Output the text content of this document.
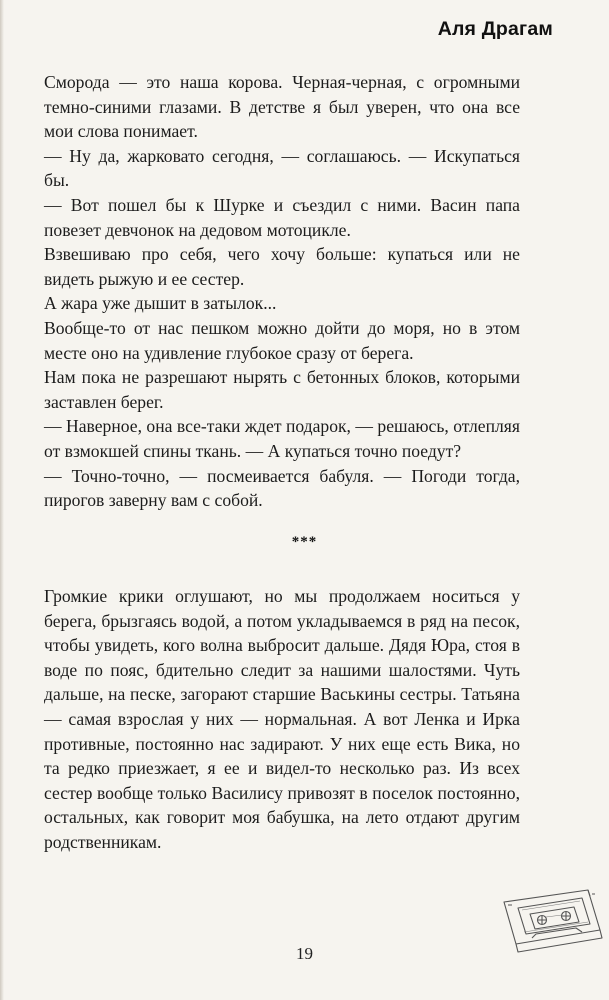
Аля Драгам

Смородa — это наша корова. Черная-черная, с огромными темно-синими глазами. В детстве я был уверен, что она все мои слова понимает.

— Ну да, жарковато сегодня, — соглашаюсь. — Искупаться бы.

— Вот пошел бы к Шурке и съездил с ними. Васин папа повезет девчонок на дедовом мотоцикле.

Взвешиваю про себя, чего хочу больше: купаться или не видеть рыжую и ее сестер.

А жара уже дышит в затылок...

Вообще-то от нас пешком можно дойти до моря, но в этом месте оно на удивление глубокое сразу от берега.

Нам пока не разрешают нырять с бетонных блоков, которыми заставлен берег.

— Наверное, она все-таки ждет подарок, — решаюсь, отлепляя от взмокшей спины ткань. — А купаться точно поедут?

— Точно-точно, — посмеивается бабуля. — Погоди тогда, пирогов заверну вам с собой.

***

Громкие крики оглушают, но мы продолжаем носиться у берега, брызгаясь водой, а потом укладываемся в ряд на песок, чтобы увидеть, кого волна выбросит дальше. Дядя Юра, стоя в воде по пояс, бдительно следит за нашими шалостями. Чуть дальше, на песке, загорают старшие Васькины сестры. Татьяна — самая взрослая у них — нормальная. А вот Ленка и Ирка противные, постоянно нас задирают. У них еще есть Вика, но та редко приезжает, я ее и видел-то несколько раз. Из всех сестер вообще только Василису привозят в поселок постоянно, остальных, как говорит моя бабушка, на лето отдают другим родственникам.

19
